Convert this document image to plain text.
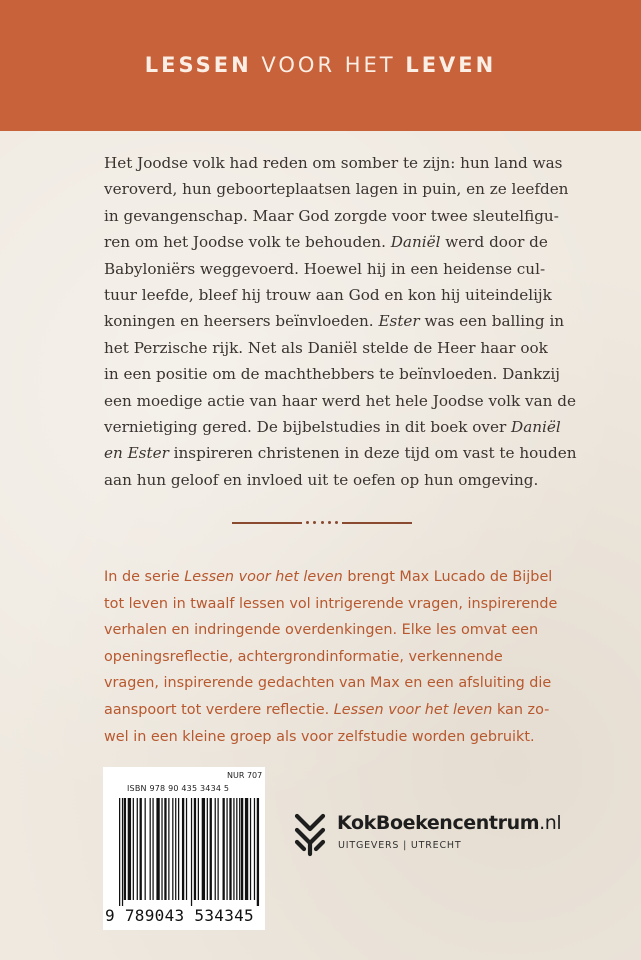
LESSEN VOOR HET LEVEN

Het Joodse volk had reden om somber te zijn: hun land was

veroverd, hun geboorteplaatsen lagen in puin, en ze leefden

in gevangenschap. Maar God zorgde voor twee sleutelfigu-

ren om het Joodse volk te behouden. Daniël werd door de

Babyloniërs weggevoerd. Hoewel hij in een heidense cul-

tuur leefde, bleef hij trouw aan God en kon hij uiteindelijk

koningen en heersers beïnvloeden. Ester was een balling in

het Perzische rijk. Net als Daniël stelde de Heer haar ook

in een positie om de machthebbers te beïnvloeden. Dankzij

een moedige actie van haar werd het hele Joodse volk van de

vernietiging gered. De bijbelstudies in dit boek over Daniël

en Ester inspireren christenen in deze tijd om vast te houden

aan hun geloof en invloed uit te oefen op hun omgeving.

In de serie Lessen voor het leven brengt Max Lucado de Bijbel

tot leven in twaalf lessen vol intrigerende vragen, inspirerende

verhalen en indringende overdenkingen. Elke les omvat een

openingsreflectie, achtergrondinformatie, verkennende

vragen, inspirerende gedachten van Max en een afsluiting die

aanspoort tot verdere reflectie. Lessen voor het leven kan zo-

wel in een kleine groep als voor zelfstudie worden gebruikt.

NUR 707
ISBN 978 90 435 3434 5
9 789043 534345
KokBoekencentrum.nl
UITGEVERS | UTRECHT
